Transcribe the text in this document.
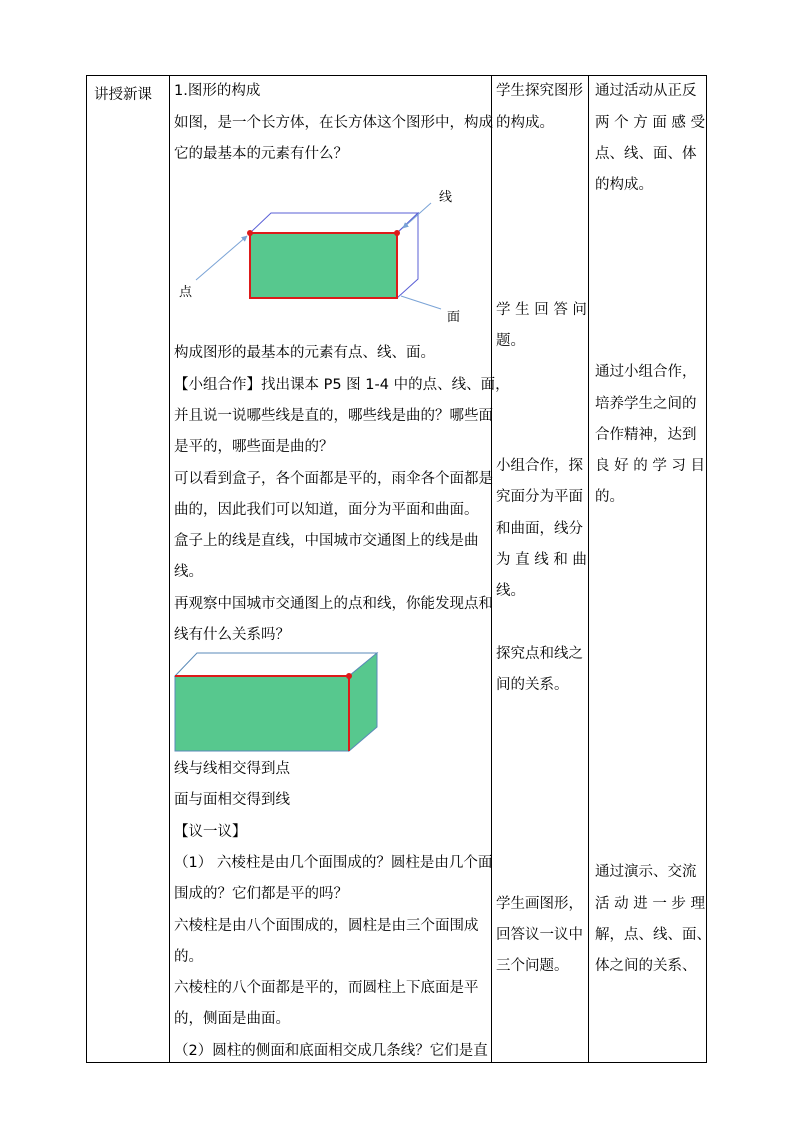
讲授新课 1.图形的构成
如图，是一个长方体，在长方体这个图形中，构成
它的最基本的元素有什么？
线
点
面
构成图形的最基本的元素有点、线、面。
【小组合作】找出课本 P5 图 1-4 中的点、线、面，
并且说一说哪些线是直的，哪些线是曲的？哪些面
是平的，哪些面是曲的？
可以看到盒子，各个面都是平的，雨伞各个面都是
曲的，因此我们可以知道，面分为平面和曲面。
盒子上的线是直线，中国城市交通图上的线是曲
线。
再观察中国城市交通图上的点和线，你能发现点和
线有什么关系吗？
线与线相交得到点
面与面相交得到线
【议一议】
（1） 六棱柱是由几个面围成的？圆柱是由几个面
围成的？它们都是平的吗？
六棱柱是由八个面围成的，圆柱是由三个面围成
的。
六棱柱的八个面都是平的，而圆柱上下底面是平
的，侧面是曲面。
（2）圆柱的侧面和底面相交成几条线？它们是直
学生探究图形
的构成。
学 生 回 答 问
题。
小组合作，探
究面分为平面
和曲面，线分
为 直 线 和 曲
线。
探究点和线之
间的关系。
学生画图形，
回答议一议中
三个问题。
通过活动从正反
两 个 方 面 感 受
点、线、面、体
的构成。
通过小组合作，
培养学生之间的
合作精神，达到
良 好 的 学 习 目
的。
通过演示、交流
活 动 进 一 步 理
解，点、线、面、
体之间的关系、
